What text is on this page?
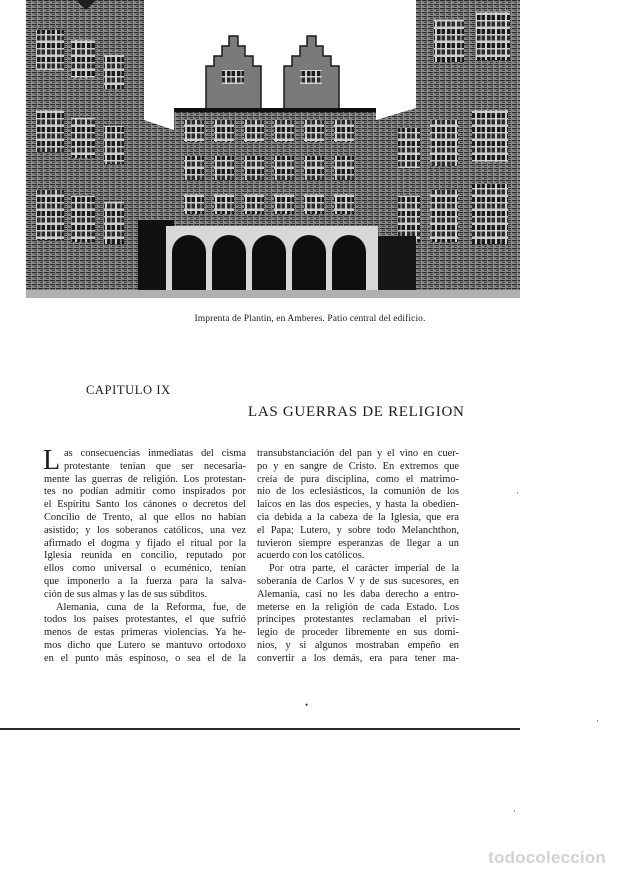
Imprenta de Plantin, en Amberes. Patio central del edificio.
CAPITULO IX
LAS GUERRAS DE RELIGION
L as consecuencias inmediatas del cisma
protestante tenían que ser necesaria-
mente las guerras de religión. Los protestan-
tes no podían admitir como inspirados por
el Espíritu Santo los cánones o decretos del
Concilio de Trento, al que ellos no habían
asistido; y los soberanos católicos, una vez
afirmado el dogma y fijado el ritual por la
Iglesia reunida en concilio, reputado por
ellos como universal o ecuménico, tenían
que imponerlo a la fuerza para la salva-
ción de sus almas y las de sus súbditos.
Alemania, cuna de la Reforma, fue, de
todos los países protestantes, el que sufrió
menos de estas primeras violencias. Ya he-
mos dicho que Lutero se mantuvo ortodoxo
en el punto más espinoso, o sea el de la
transubstanciación del pan y el vino en cuer-
po y en sangre de Cristo. En extremos que
creía de pura disciplina, como el matrimo-
nio de los eclesiásticos, la comunión de los
laicos en las dos especies, y hasta la obedien-
cia debida a la cabeza de la Iglesia, que era
el Papa; Lutero, y sobre todo Melanchthon,
tuvieron siempre esperanzas de llegar a un
acuerdo con los católicos.
Por otra parte, el carácter imperial de la
soberanía de Carlos V y de sus sucesores, en
Alemania, casi no les daba derecho a entro-
meterse en la religión de cada Estado. Los
príncipes protestantes reclamaban el privi-
legio de proceder libremente en sus domi-
nios, y si algunos mostraban empeño en
convertir a los demás, era para tener ma-
·
•
·
·
todocoleccion
